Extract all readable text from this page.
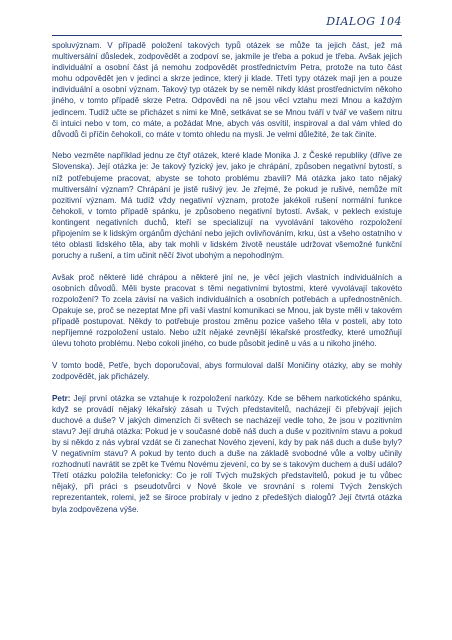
DIALOG 104

spoluvýznam. V případě položení takových typů otázek se může ta jejich část, jež má multiversální důsledek, zodpovědět a zodpoví se, jakmile je třeba a pokud je třeba. Avšak jejich individuální a osobní část já nemohu zodpovědět prostřednictvím Petra, protože na tuto část mohu odpovědět jen v jedinci a skrze jedince, který ji klade. Třetí typy otázek mají jen a pouze individuální a osobní význam. Takový typ otázek by se neměl nikdy klást prostřednictvím někoho jiného, v tomto případě skrze Petra. Odpovědi na ně jsou věcí vztahu mezi Mnou a každým jedincem. Tudíž učte se přicházet s nimi ke Mně, setkávat se se Mnou tváří v tvář ve vašem nitru či intuici nebo v tom, co máte, a požádat Mne, abych vás osvítil, inspiroval a dal vám vhled do důvodů či příčin čehokoli, co máte v tomto ohledu na mysli. Je velmi důležité, že tak činíte.

Nebo vezměte například jednu ze čtyř otázek, které klade Monika J. z České republiky (dříve ze Slovenska). Její otázka je: Je takový fyzický jev, jako je chrápání, způsoben negativní bytostí, s níž potřebujeme pracovat, abyste se tohoto problému zbavili? Má otázka jako tato nějaký multiversální význam? Chrápání je jistě rušivý jev. Je zřejmé, že pokud je rušivé, nemůže mít pozitivní význam. Má tudíž vždy negativní význam, protože jakékoli rušení normální funkce čehokoli, v tomto případě spánku, je způsobeno negativní bytostí. Avšak, v peklech existuje kontingent negativních duchů, kteří se specializují na vyvolávání takového rozpoložení připojením se k lidským orgánům dýchání nebo jejich ovlivňováním, krku, úst a všeho ostatního v této oblasti lidského těla, aby tak mohli v lidském životě neustále udržovat všemožné funkční poruchy a rušení, a tím učinit něčí život ubohým a nepohodlným.

Avšak proč některé lidé chrápou a některé jiní ne, je věcí jejich vlastních individuálních a osobních důvodů. Měli byste pracovat s těmi negativními bytostmi, které vyvolávají takovéto rozpoložení? To zcela závisí na vašich individuálních a osobních potřebách a upřednostněních. Opakuje se, proč se nezeptat Mne při vaší vlastní komunikaci se Mnou, jak byste měli v takovém případě postupovat. Někdy to potřebuje prostou změnu pozice vašeho těla v posteli, aby toto nepříjemné rozpoložení ustalo. Nebo užít nějaké zevnější lékařské prostředky, které umožňují úlevu tohoto problému. Nebo cokoli jiného, co bude působit jedině u vás a u nikoho jiného.

V tomto bodě, Petře, bych doporučoval, abys formuloval další Moničiny otázky, aby se mohly zodpovědět, jak přicházely.

Petr: Její první otázka se vztahuje k rozpoložení narkózy. Kde se během narkotického spánku, když se provádí nějaký lékařský zásah u Tvých představitelů, nacházejí či přebývají jejich duchové a duše? V jakých dimenzích či světech se nacházejí vedle toho, že jsou v pozitivním stavu? Její druhá otázka: Pokud je v současné době náš duch a duše v pozitivním stavu a pokud by si někdo z nás vybral vzdát se či zanechat Nového zjevení, kdy by pak náš duch a duše byly? V negativním stavu? A pokud by tento duch a duše na základě svobodné vůle a volby učinily rozhodnutí navrátit se zpět ke Tvému Novému zjevení, co by se s takovým duchem a duší událo? Třetí otázku položila telefonicky: Co je rolí Tvých mužských představitelů, pokud je tu vůbec nějaký, při práci s pseudotvůrci v Nové škole ve srovnání s rolemi Tvých ženských reprezentantek, rolemi, jež se široce probíraly v jedno z předešlých dialogů? Její čtvrtá otázka byla zodpovězena výše.
